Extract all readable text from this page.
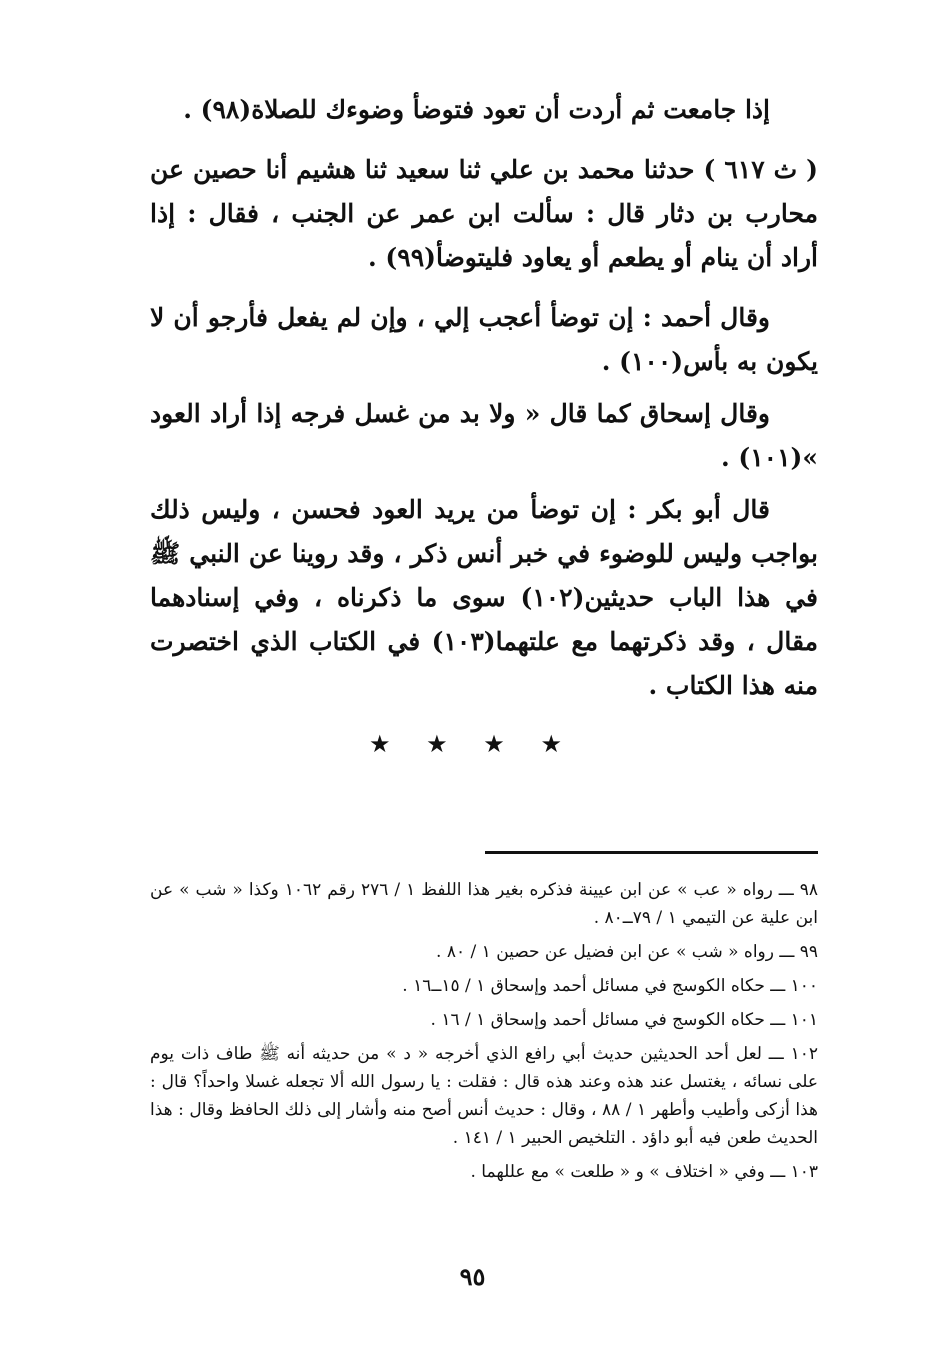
إذا جامعت ثم أردت أن تعود فتوضأ وضوءك للصلاة(٩٨) .

( ث ٦١٧ ) حدثنا محمد بن علي ثنا سعيد ثنا هشيم أنا حصين عن محارب بن دثار قال : سألت ابن عمر عن الجنب ، فقال : إذا أراد أن ينام أو يطعم أو يعاود فليتوضأ(٩٩) .

وقال أحمد : إن توضأ أعجب إلي ، وإن لم يفعل فأرجو أن لا يكون به بأس(١٠٠) .

وقال إسحاق كما قال « ولا بد من غسل فرجه إذا أراد العود »(١٠١) .

قال أبو بكر : إن توضأ من يريد العود فحسن ، وليس ذلك بواجب وليس للوضوء في خبر أنس ذكر ، وقد روينا عن النبي ﷺ في هذا الباب حديثين(١٠٢) سوى ما ذكرناه ، وفي إسنادهما مقال ، وقد ذكرتهما مع علتهما(١٠٣) في الكتاب الذي اختصرت منه هذا الكتاب .

★ ★ ★ ★

٩٨ ـــ رواه « عب » عن ابن عيينة فذكره بغير هذا اللفظ ١ / ٢٧٦ رقم ١٠٦٢ وكذا « شب » عن ابن علية عن التيمي ١ / ٧٩ــ٨٠ .

٩٩ ـــ رواه « شب » عن ابن فضيل عن حصين ١ / ٨٠ .

١٠٠ ـــ حكاه الكوسج في مسائل أحمد وإسحاق ١ / ١٥ــ١٦ .

١٠١ ـــ حكاه الكوسج في مسائل أحمد وإسحاق ١ / ١٦ .

١٠٢ ـــ لعل أحد الحديثين حديث أبي رافع الذي أخرجه « د » من حديثه أنه ﷺ طاف ذات يوم على نسائه ، يغتسل عند هذه وعند هذه قال : فقلت : يا رسول الله ألا تجعله غسلا واحداً؟ قال : هذا أزكى وأطيب وأطهر ١ / ٨٨ ، وقال : حديث أنس أصح منه وأشار إلى ذلك الحافظ وقال : هذا الحديث طعن فيه أبو داؤد . التلخيص الحبير ١ / ١٤١ .

١٠٣ ـــ وفي « اختلاف » و « طلعت » مع عللهما .

٩٥
